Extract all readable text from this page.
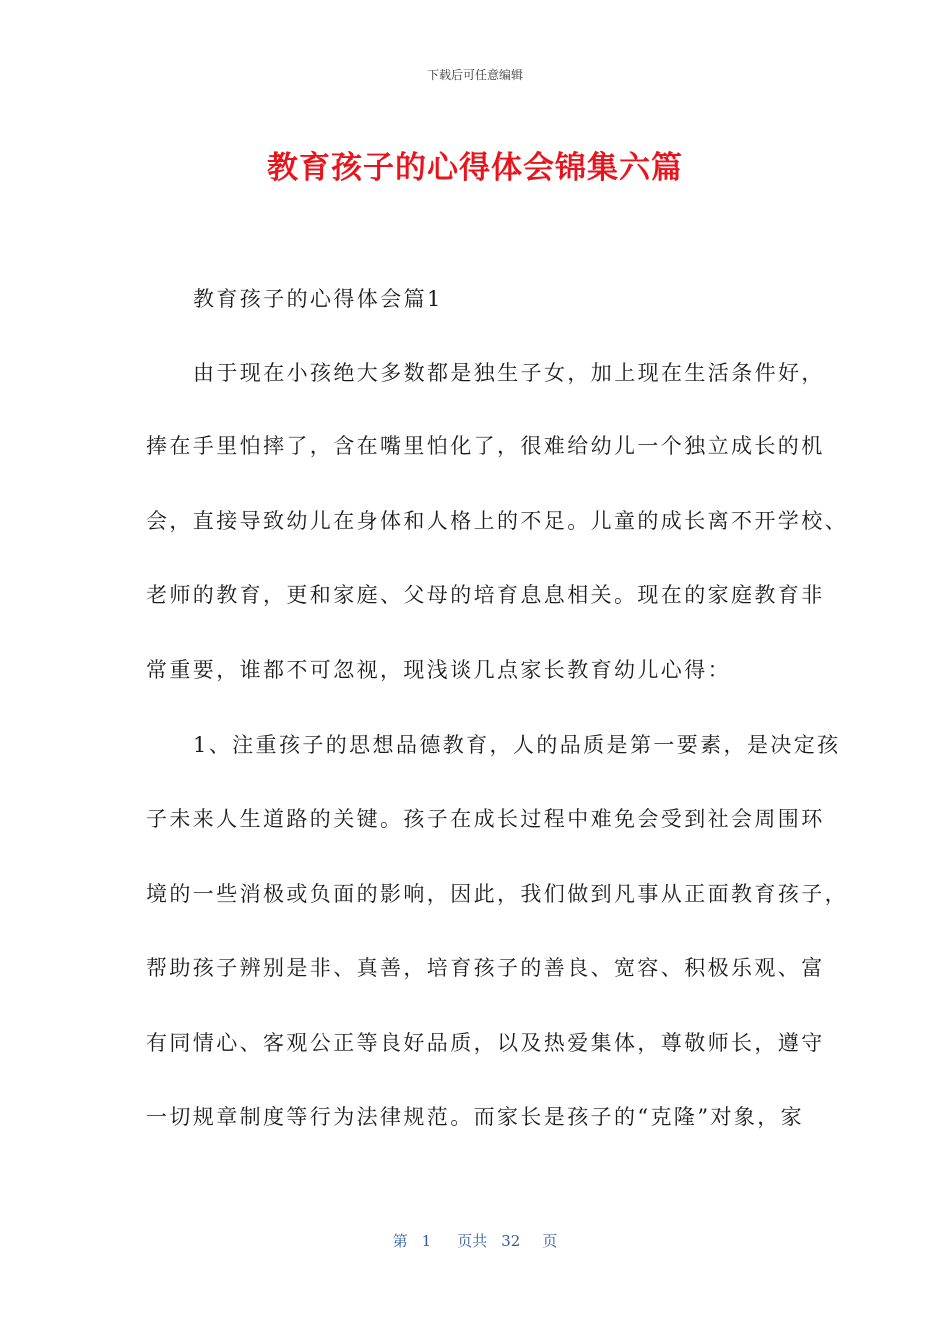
下载后可任意编辑
教育孩子的心得体会锦集六篇
教育孩子的心得体会篇1
由于现在小孩绝大多数都是独生子女，加上现在生活条件好，
捧在手里怕摔了，含在嘴里怕化了，很难给幼儿一个独立成长的机
会，直接导致幼儿在身体和人格上的不足。儿童的成长离不开学校、
老师的教育，更和家庭、父母的培育息息相关。现在的家庭教育非
常重要，谁都不可忽视，现浅谈几点家长教育幼儿心得：
1、注重孩子的思想品德教育，人的品质是第一要素，是决定孩
子未来人生道路的关键。孩子在成长过程中难免会受到社会周围环
境的一些消极或负面的影响，因此，我们做到凡事从正面教育孩子，
帮助孩子辨别是非、真善，培育孩子的善良、宽容、积极乐观、富
有同情心、客观公正等良好品质，以及热爱集体，尊敬师长，遵守
一切规章制度等行为法律规范。而家长是孩子的“克隆”对象，家
第 1 页共 32 页
